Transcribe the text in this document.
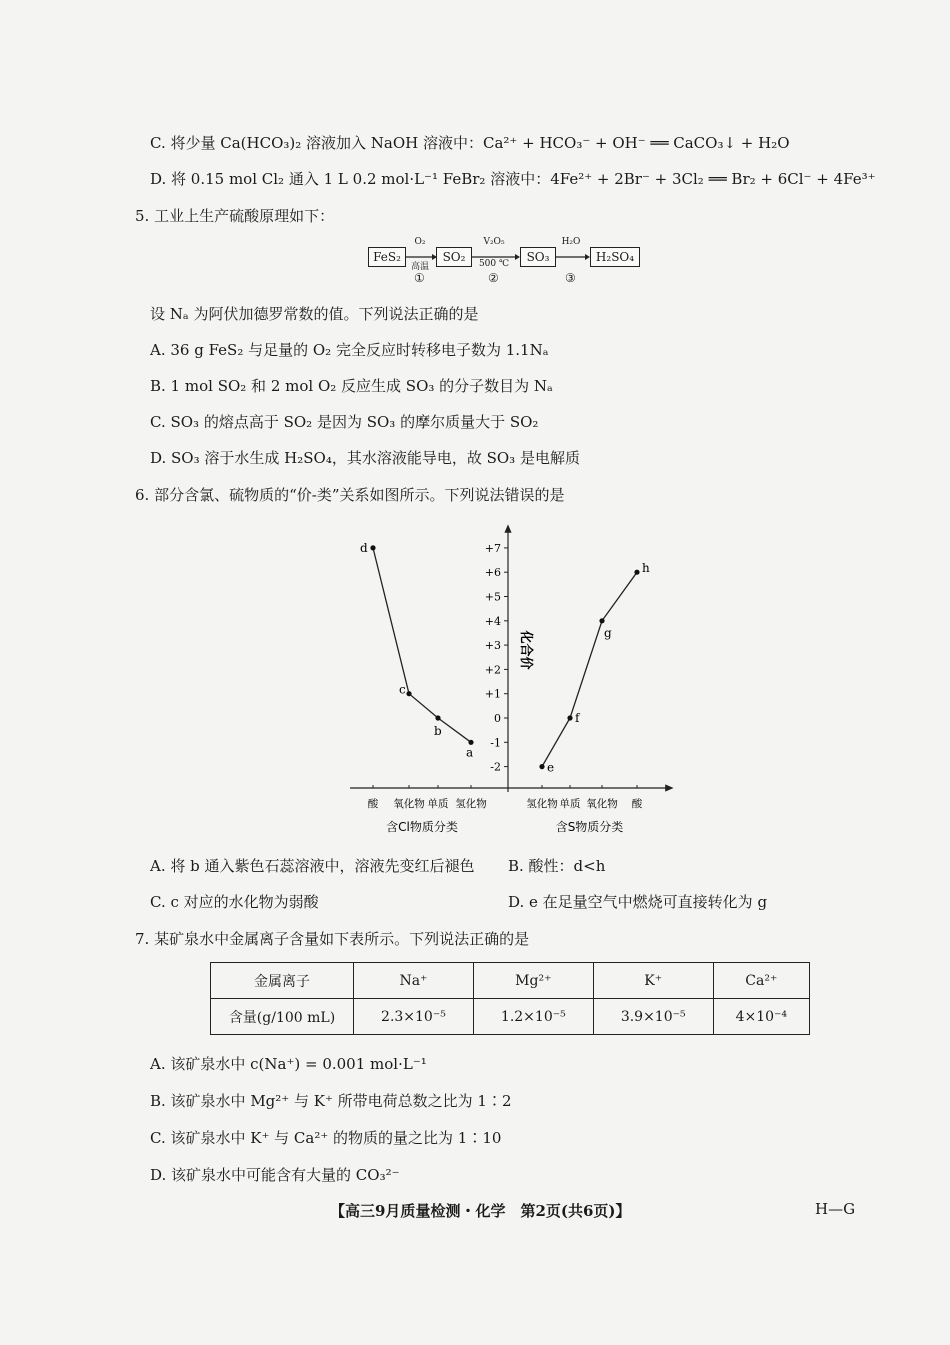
C. 将少量 Ca(HCO₃)₂ 溶液加入 NaOH 溶液中：Ca²⁺ + HCO₃⁻ + OH⁻ ══ CaCO₃↓ + H₂O
D. 将 0.15 mol Cl₂ 通入 1 L 0.2 mol·L⁻¹ FeBr₂ 溶液中：4Fe²⁺ + 2Br⁻ + 3Cl₂ ══ Br₂ + 6Cl⁻ + 4Fe³⁺
5. 工业上生产硫酸原理如下：
FeS₂	SO₂	SO₃	H₂SO₄
O₂
高温
V₂O₅
500 ℃
H₂O
①	②	③
设 Nₐ 为阿伏加德罗常数的值。下列说法正确的是
A. 36 g FeS₂ 与足量的 O₂ 完全反应时转移电子数为 1.1Nₐ
B. 1 mol SO₂ 和 2 mol O₂ 反应生成 SO₃ 的分子数目为 Nₐ
C. SO₃ 的熔点高于 SO₂ 是因为 SO₃ 的摩尔质量大于 SO₂
D. SO₃ 溶于水生成 H₂SO₄，其水溶液能导电，故 SO₃ 是电解质
6. 部分含氯、硫物质的“价-类”关系如图所示。下列说法错误的是
+7
+6
+5
+4
+3
+2
+1
0
-1
-2
化合价
酸 氧化物 单质 氢化物
含Cl物质分类
氢化物 单质 氧化物 酸
含S物质分类
d
c
b
a
e
f
g
h
A. 将 b 通入紫色石蕊溶液中，溶液先变红后褪色 B. 酸性：d<h
C. c 对应的水化物为弱酸	D. e 在足量空气中燃烧可直接转化为 g
7. 某矿泉水中金属离子含量如下表所示。下列说法正确的是
金属离子	Na⁺	Mg²⁺	K⁺	Ca²⁺
含量(g/100 mL)	2.3×10⁻⁵	1.2×10⁻⁵	3.9×10⁻⁵	4×10⁻⁴
A. 该矿泉水中 c(Na⁺) = 0.001 mol·L⁻¹
B. 该矿泉水中 Mg²⁺ 与 K⁺ 所带电荷总数之比为 1∶2
C. 该矿泉水中 K⁺ 与 Ca²⁺ 的物质的量之比为 1∶10
D. 该矿泉水中可能含有大量的 CO₃²⁻
【高三9月质量检测・化学　第2页(共6页)】	H—G
